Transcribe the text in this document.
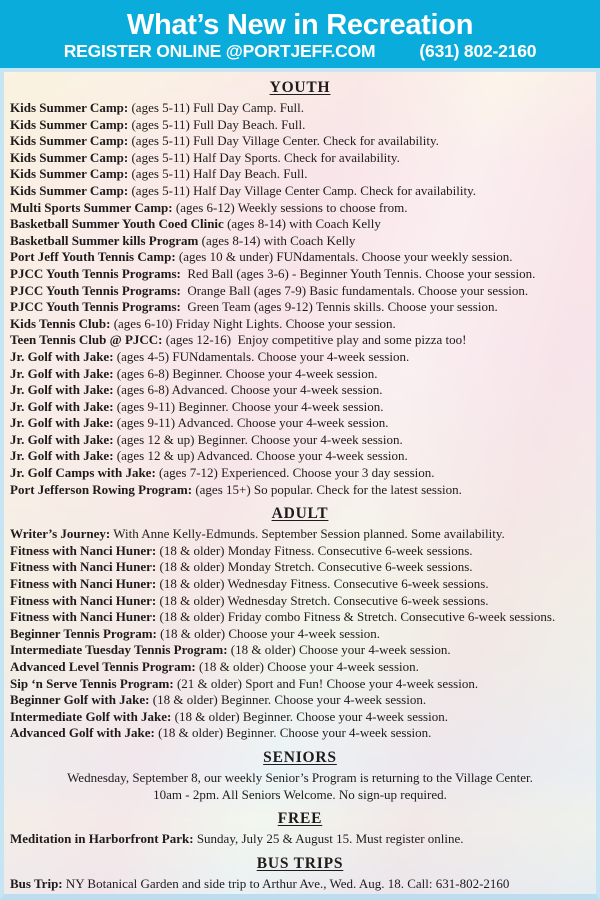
What’s New in Recreation
REGISTER ONLINE @PORTJEFF.COM	(631) 802-2160
YOUTH

Kids Summer Camp: (ages 5-11) Full Day Camp. Full.

Kids Summer Camp: (ages 5-11) Full Day Beach. Full.

Kids Summer Camp: (ages 5-11) Full Day Village Center. Check for availability.

Kids Summer Camp: (ages 5-11) Half Day Sports. Check for availability.

Kids Summer Camp: (ages 5-11) Half Day Beach. Full.

Kids Summer Camp: (ages 5-11) Half Day Village Center Camp. Check for availability.

Multi Sports Summer Camp: (ages 6-12) Weekly sessions to choose from.

Basketball Summer Youth Coed Clinic (ages 8-14) with Coach Kelly

Basketball Summer kills Program (ages 8-14) with Coach Kelly

Port Jeff Youth Tennis Camp: (ages 10 & under) FUNdamentals. Choose your weekly session.

PJCC Youth Tennis Programs:  Red Ball (ages 3-6) - Beginner Youth Tennis. Choose your session.

PJCC Youth Tennis Programs:  Orange Ball (ages 7-9) Basic fundamentals. Choose your session.

PJCC Youth Tennis Programs:  Green Team (ages 9-12) Tennis skills. Choose your session.

Kids Tennis Club: (ages 6-10) Friday Night Lights. Choose your session.

Teen Tennis Club @ PJCC: (ages 12-16)  Enjoy competitive play and some pizza too!

Jr. Golf with Jake: (ages 4-5) FUNdamentals. Choose your 4-week session.

Jr. Golf with Jake: (ages 6-8) Beginner. Choose your 4-week session.

Jr. Golf with Jake: (ages 6-8) Advanced. Choose your 4-week session.

Jr. Golf with Jake: (ages 9-11) Beginner. Choose your 4-week session.

Jr. Golf with Jake: (ages 9-11) Advanced. Choose your 4-week session.

Jr. Golf with Jake: (ages 12 & up) Beginner. Choose your 4-week session.

Jr. Golf with Jake: (ages 12 & up) Advanced. Choose your 4-week session.

Jr. Golf Camps with Jake: (ages 7-12) Experienced. Choose your 3 day session.

Port Jefferson Rowing Program: (ages 15+) So popular. Check for the latest session.

ADULT

Writer’s Journey: With Anne Kelly-Edmunds. September Session planned. Some availability.

Fitness with Nanci Huner: (18 & older) Monday Fitness. Consecutive 6-week sessions.

Fitness with Nanci Huner: (18 & older) Monday Stretch. Consecutive 6-week sessions.

Fitness with Nanci Huner: (18 & older) Wednesday Fitness. Consecutive 6-week sessions.

Fitness with Nanci Huner: (18 & older) Wednesday Stretch. Consecutive 6-week sessions.

Fitness with Nanci Huner: (18 & older) Friday combo Fitness & Stretch. Consecutive 6-week sessions.

Beginner Tennis Program: (18 & older) Choose your 4-week session.

Intermediate Tuesday Tennis Program: (18 & older) Choose your 4-week session.

Advanced Level Tennis Program: (18 & older) Choose your 4-week session.

Sip ‘n Serve Tennis Program: (21 & older) Sport and Fun! Choose your 4-week session.

Beginner Golf with Jake: (18 & older) Beginner. Choose your 4-week session.

Intermediate Golf with Jake: (18 & older) Beginner. Choose your 4-week session.

Advanced Golf with Jake: (18 & older) Beginner. Choose your 4-week session.

SENIORS

Wednesday, September 8, our weekly Senior’s Program is returning to the Village Center.

10am - 2pm. All Seniors Welcome. No sign-up required.

FREE

Meditation in Harborfront Park: Sunday, July 25 & August 15. Must register online.

BUS TRIPS

Bus Trip: NY Botanical Garden and side trip to Arthur Ave., Wed. Aug. 18. Call: 631-802-2160
